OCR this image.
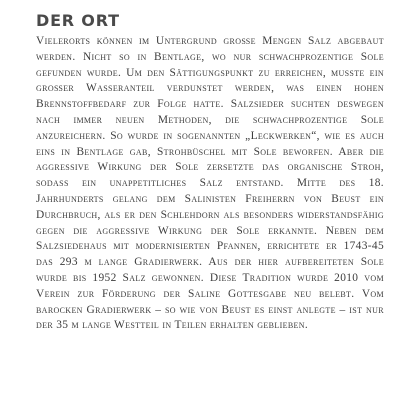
DER ORT

Vielerorts können im Untergrund große Mengen Salz abgebaut werden. Nicht so in Bentlage, wo nur schwachprozentige Sole gefunden wurde. Um den Sättigungspunkt zu erreichen, musste ein großer Wasseranteil verdunstet werden, was einen hohen Brennstoffbedarf zur Folge hatte. Salzsieder suchten deswegen nach immer neuen Methoden, die schwachprozentige Sole anzureichern. So wurde in sogenannten „Leckwerken“, wie es auch eins in Bentlage gab, Strohbüschel mit Sole beworfen. Aber die aggressive Wirkung der Sole zersetzte das organische Stroh, sodass ein unappetitliches Salz entstand. Mitte des 18. Jahrhunderts gelang dem Salinisten Freiherrn von Beust ein Durchbruch, als er den Schlehdorn als besonders widerstandsfähig gegen die aggressive Wirkung der Sole erkannte. Neben dem Salzsiedehaus mit modernisierten Pfannen, errichtete er 1743-45 das 293 m lange Gradierwerk. Aus der hier aufbereiteten Sole wurde bis 1952 Salz gewonnen. Diese Tradition wurde 2010 vom Verein zur Förderung der Saline Gottesgabe neu belebt. Vom barocken Gradierwerk – so wie von Beust es einst anlegte – ist nur der 35 m lange Westteil in Teilen erhalten geblieben.
